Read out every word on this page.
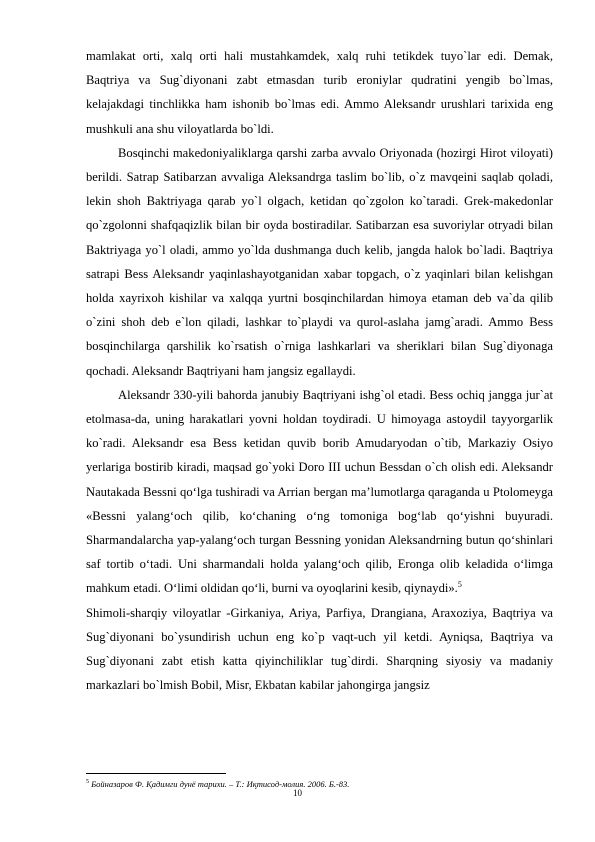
mamlakat orti, xalq orti hali mustahkamdek, xalq ruhi tetikdek tuyo`lar edi. Demak, Baqtriya va Sug`diyonani zabt etmasdan turib eroniylar qudratini yengib bo`lmas, kelajakdagi tinchlikka ham ishonib bo`lmas edi. Ammo Aleksandr urushlari tarixida eng mushkuli ana shu viloyatlarda bo`ldi.

Bosqinchi makedoniyaliklarga qarshi zarba avvalo Oriyonada (hozirgi Hirot viloyati) berildi. Satrap Satibarzan avvaliga Aleksandrga taslim bo`lib, o`z mavqeini saqlab qoladi, lekin shoh Baktriyaga qarab yo`l olgach, ketidan qo`zgolon ko`taradi. Grek-makedonlar qo`zgolonni shafqaqizlik bilan bir oyda bostiradilar. Satibarzan esa suvoriylar otryadi bilan Baktriyaga yo`l oladi, ammo yo`lda dushmanga duch kelib, jangda halok bo`ladi. Baqtriya satrapi Bess Aleksandr yaqinlashayotganidan xabar topgach, o`z yaqinlari bilan kelishgan holda xayrixoh kishilar va xalqqa yurtni bosqinchilardan himoya etaman deb va`da qilib o`zini shoh deb e`lon qiladi, lashkar to`playdi va qurol-aslaha jamg`aradi. Ammo Bess bosqinchilarga qarshilik ko`rsatish o`rniga lashkarlari va sheriklari bilan Sug`diyonaga qochadi. Aleksandr Baqtriyani ham jangsiz egallaydi.

Aleksandr 330-yili bahorda janubiy Baqtriyani ishg`ol etadi. Bess ochiq jangga jur`at etolmasa-da, uning harakatlari yovni holdan toydiradi. U himoyaga astoydil tayyorgarlik ko`radi. Aleksandr esa Bess ketidan quvib borib Amudaryodan o`tib, Markaziy Osiyo yerlariga bostirib kiradi, maqsad go`yoki Doro III uchun Bessdan o`ch olish edi. Aleksandr Nautakada Bessni qo‘lga tushiradi va Arrian bergan ma’lumotlarga qaraganda u Ptolomeyga «Bessni yalang‘och qilib, ko‘chaning o‘ng tomoniga bog‘lab qo‘yishni buyuradi. Sharmandalarcha yap-yalang‘och turgan Bessning yonidan Aleksandrning butun qo‘shinlari saf tortib o‘tadi. Uni sharmandali holda yalang‘och qilib, Eronga olib keladida o‘limga mahkum etadi. O‘limi oldidan qo‘li, burni va oyoqlarini kesib, qiynaydi».$^5$

Shimoli-sharqiy viloyatlar -Girkaniya, Ariya, Parfiya, Drangiana, Araxoziya, Baqtriya va Sug`diyonani bo`ysundirish uchun eng ko`p vaqt-uch yil ketdi. Ayniqsa, Baqtriya va Sug`diyonani zabt etish katta qiyinchiliklar tug`dirdi. Sharqning siyosiy va madaniy markazlari bo`lmish Bobil, Misr, Ekbatan kabilar jahongirga jangsiz

$^5$ Бойназаров Ф. Қадимги дунё тарихи. – Т.: Иқтисод-молия. 2006. Б.-83.
10
